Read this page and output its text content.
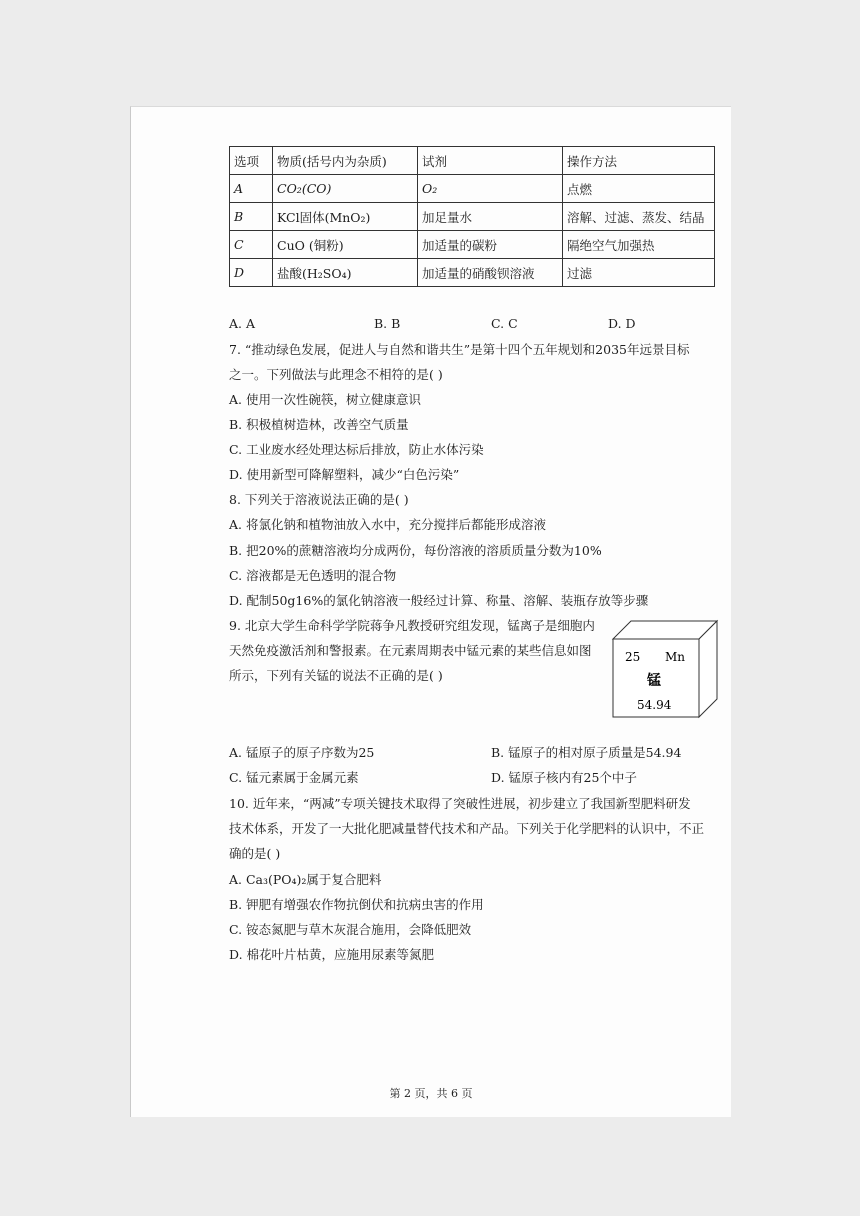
选项	物质(括号内为杂质)	试剂	操作方法
A	CO₂(CO)	O₂	点燃
B	KCl固体(MnO₂)	加足量水	溶解、过滤、蒸发、结晶
C	CuO (铜粉)	加适量的碳粉	隔绝空气加强热
D	盐酸(H₂SO₄)	加适量的硝酸钡溶液	过滤
A. A	B. B	C. C	D. D
7. “推动绿色发展，促进人与自然和谐共生”是第十四个五年规划和2035年远景目标
之一。下列做法与此理念不相符的是( )
A. 使用一次性碗筷，树立健康意识
B. 积极植树造林，改善空气质量
C. 工业废水经处理达标后排放，防止水体污染
D. 使用新型可降解塑料，减少“白色污染”
8. 下列关于溶液说法正确的是( )
A. 将氯化钠和植物油放入水中，充分搅拌后都能形成溶液
B. 把20%的蔗糖溶液均分成两份，每份溶液的溶质质量分数为10%
C. 溶液都是无色透明的混合物
D. 配制50g16%的氯化钠溶液一般经过计算、称量、溶解、装瓶存放等步骤
9. 北京大学生命科学学院蒋争凡教授研究组发现，锰离子是细胞内
天然免疫激活剂和警报素。在元素周期表中锰元素的某些信息如图
所示，下列有关锰的说法不正确的是( )
A. 锰原子的原子序数为25	B. 锰原子的相对原子质量是54.94
C. 锰元素属于金属元素	D. 锰原子核内有25个中子
10. 近年来，“两减”专项关键技术取得了突破性进展，初步建立了我国新型肥料研发
技术体系，开发了一大批化肥减量替代技术和产品。下列关于化学肥料的认识中，不正
确的是( )
A. Ca₃(PO₄)₂属于复合肥料
B. 钾肥有增强农作物抗倒伏和抗病虫害的作用
C. 铵态氮肥与草木灰混合施用，会降低肥效
D. 棉花叶片枯黄，应施用尿素等氮肥
25 Mn
锰
54.94
第 2 页，共 6 页
